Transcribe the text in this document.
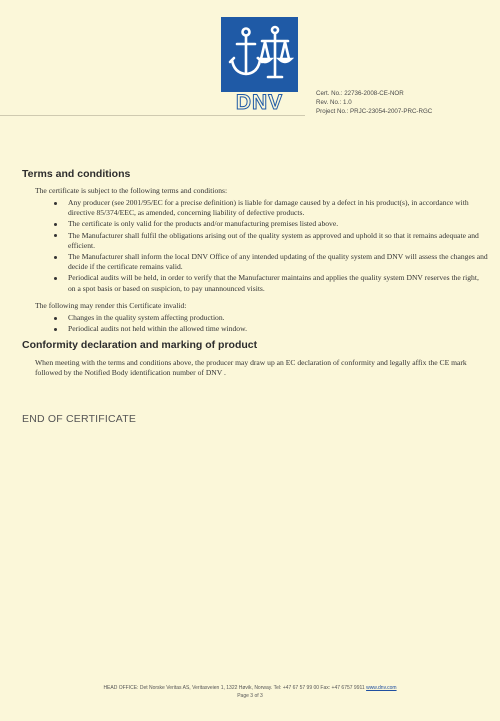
DNV	Cert. No.: 22736-2008-CE-NOR
Rev. No.: 1.0
Project No.: PRJC-23054-2007-PRC-RGC
Terms and conditions
The certificate is subject to the following terms and conditions:
Any producer (see 2001/95/EC for a precise definition) is liable for damage caused by a defect in his product(s), in accordance with directive 85/374/EEC, as amended, concerning liability of defective products.
The certificate is only valid for the products and/or manufacturing premises listed above.
The Manufacturer shall fulfil the obligations arising out of the quality system as approved and uphold it so that it remains adequate and efficient.
The Manufacturer shall inform the local DNV Office of any intended updating of the quality system and DNV will assess the changes and decide if the certificate remains valid.
Periodical audits will be held, in order to verify that the Manufacturer maintains and applies the quality system DNV reserves the right, on a spot basis or based on suspicion, to pay unannounced visits.
The following may render this Certificate invalid:
Changes in the quality system affecting production.
Periodical audits not held within the allowed time window.
Conformity declaration and marking of product
When meeting with the terms and conditions above, the producer may draw up an EC declaration of conformity and legally affix the CE mark followed by the Notified Body identification number of DNV .
END OF CERTIFICATE
HEAD OFFICE: Det Norske Veritas AS, Veritasveien 1, 1322 Høvik, Norway. Tel: +47 67 57 99 00 Fax: +47 6757 9911 www.dnv.com
Page 3 of 3
